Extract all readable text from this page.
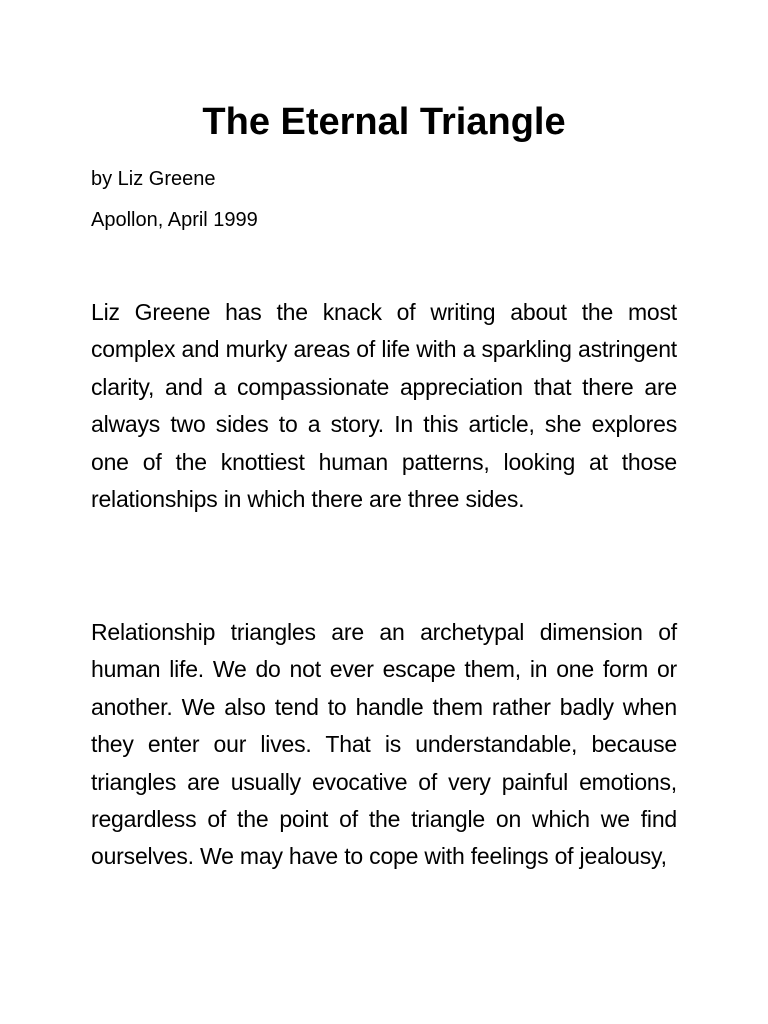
The Eternal Triangle

by Liz Greene

Apollon, April 1999

Liz Greene has the knack of writing about the most complex and murky areas of life with a sparkling astringent clarity, and a compassionate appreciation that there are always two sides to a story. In this article, she explores one of the knottiest human patterns, looking at those relationships in which there are three sides.

Relationship triangles are an archetypal dimension of human life. We do not ever escape them, in one form or another. We also tend to handle them rather badly when they enter our lives. That is understandable, because triangles are usually evocative of very painful emotions, regardless of the point of the triangle on which we find ourselves. We may have to cope with feelings of jealousy,
